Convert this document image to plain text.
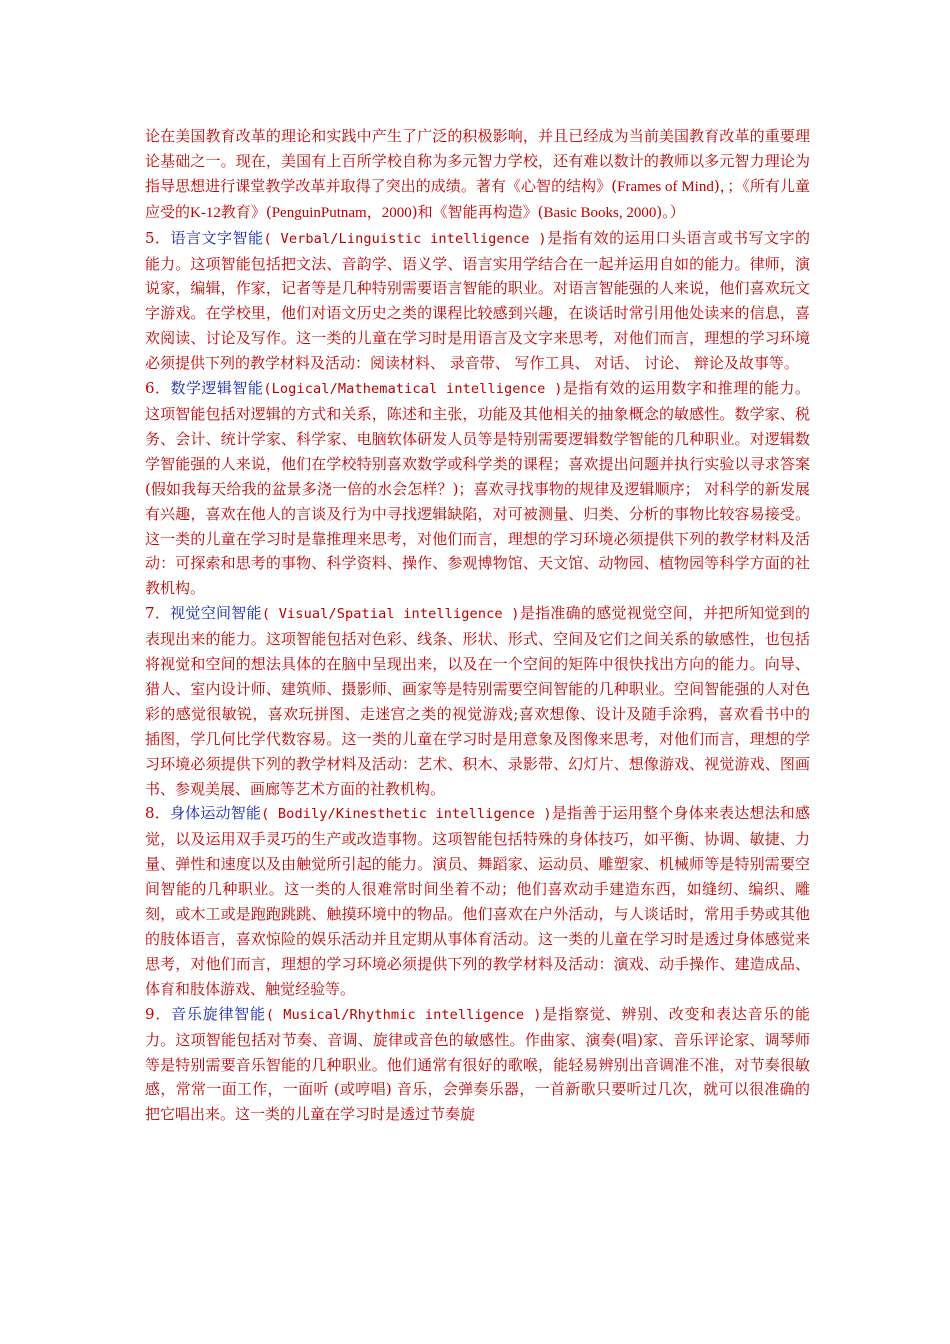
论在美国教育改革的理论和实践中产生了广泛的积极影响，并且已经成为当前美国教育改革的重要理论基础之一。现在，美国有上百所学校自称为多元智力学校，还有难以数计的教师以多元智力理论为指导思想进行课堂教学改革并取得了突出的成绩。著有《心智的结构》(Frames of Mind)，；《所有儿童应受的K-12教育》(PenguinPutnam，2000)和《智能再构造》(Basic Books, 2000)。）

5．语言文字智能( Verbal/Linguistic intelligence )是指有效的运用口头语言或书写文字的能力。这项智能包括把文法、音韵学、语义学、语言实用学结合在一起并运用自如的能力。律师，演说家，编辑，作家，记者等是几种特别需要语言智能的职业。对语言智能强的人来说，他们喜欢玩文字游戏。在学校里，他们对语文历史之类的课程比较感到兴趣，在谈话时常引用他处读来的信息，喜欢阅读、讨论及写作。这一类的儿童在学习时是用语言及文字来思考，对他们而言，理想的学习环境必须提供下列的教学材料及活动：阅读材料、 录音带、 写作工具、 对话、 讨论、 辩论及故事等。

6．数学逻辑智能(Logical/Mathematical intelligence )是指有效的运用数字和推理的能力。这项智能包括对逻辑的方式和关系，陈述和主张，功能及其他相关的抽象概念的敏感性。数学家、税务、会计、统计学家、科学家、电脑软体研发人员等是特别需要逻辑数学智能的几种职业。对逻辑数学智能强的人来说，他们在学校特别喜欢数学或科学类的课程；喜欢提出问题并执行实验以寻求答案(假如我每天给我的盆景多浇一倍的水会怎样？)；喜欢寻找事物的规律及逻辑顺序； 对科学的新发展有兴趣，喜欢在他人的言谈及行为中寻找逻辑缺陷，对可被测量、归类、分析的事物比较容易接受。这一类的儿童在学习时是靠推理来思考，对他们而言，理想的学习环境必须提供下列的教学材料及活动：可探索和思考的事物、科学资料、操作、参观博物馆、天文馆、动物园、植物园等科学方面的社教机构。

7．视觉空间智能( Visual/Spatial intelligence )是指准确的感觉视觉空间，并把所知觉到的表现出来的能力。这项智能包括对色彩、线条、形状、形式、空间及它们之间关系的敏感性，也包括将视觉和空间的想法具体的在脑中呈现出来，以及在一个空间的矩阵中很快找出方向的能力。向导、猎人、室内设计师、建筑师、摄影师、画家等是特别需要空间智能的几种职业。空间智能强的人对色彩的感觉很敏锐，喜欢玩拼图、走迷宫之类的视觉游戏;喜欢想像、设计及随手涂鸦，喜欢看书中的插图，学几何比学代数容易。这一类的儿童在学习时是用意象及图像来思考，对他们而言，理想的学习环境必须提供下列的教学材料及活动：艺术、积木、录影带、幻灯片、想像游戏、视觉游戏、图画书、参观美展、画廊等艺术方面的社教机构。

8．身体运动智能( Bodily/Kinesthetic intelligence )是指善于运用整个身体来表达想法和感觉，以及运用双手灵巧的生产或改造事物。这项智能包括特殊的身体技巧，如平衡、协调、敏捷、力量、弹性和速度以及由触觉所引起的能力。演员、舞蹈家、运动员、雕塑家、机械师等是特别需要空间智能的几种职业。这一类的人很难常时间坐着不动；他们喜欢动手建造东西，如缝纫、编织、雕刻，或木工或是跑跑跳跳、触摸环境中的物品。他们喜欢在户外活动，与人谈话时，常用手势或其他的肢体语言，喜欢惊险的娱乐活动并且定期从事体育活动。这一类的儿童在学习时是透过身体感觉来思考，对他们而言，理想的学习环境必须提供下列的教学材料及活动：演戏、动手操作、建造成品、体育和肢体游戏、触觉经验等。

9．音乐旋律智能( Musical/Rhythmic intelligence )是指察觉、辨别、改变和表达音乐的能力。这项智能包括对节奏、音调、旋律或音色的敏感性。作曲家、演奏(唱)家、音乐评论家、调琴师等是特别需要音乐智能的几种职业。他们通常有很好的歌喉，能轻易辨别出音调准不准，对节奏很敏感，常常一面工作，一面听 (或哼唱) 音乐，会弹奏乐器，一首新歌只要听过几次，就可以很准确的把它唱出来。这一类的儿童在学习时是透过节奏旋
